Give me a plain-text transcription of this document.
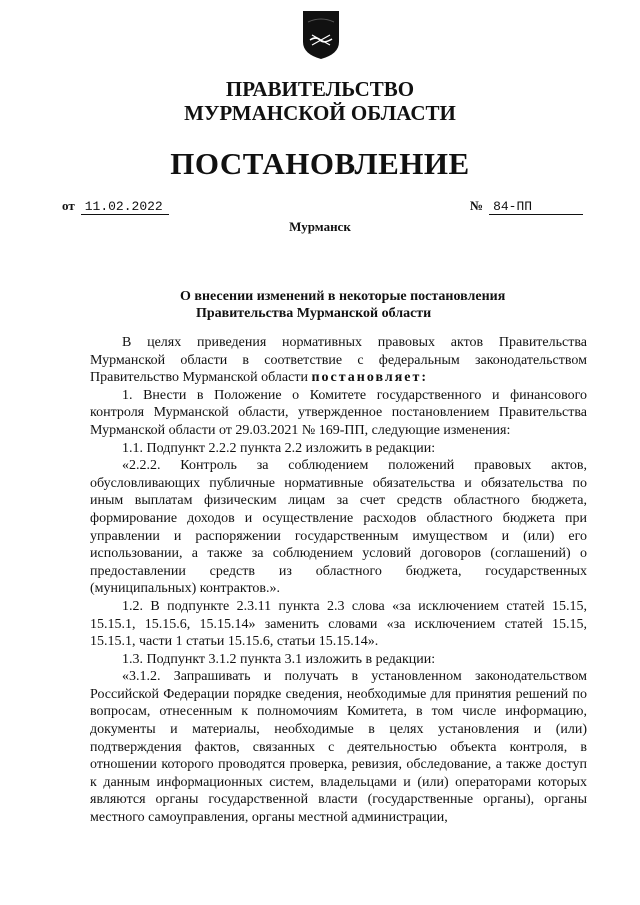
ПРАВИТЕЛЬСТВО
МУРМАНСКОЙ ОБЛАСТИ
ПОСТАНОВЛЕНИЕ
от 11.02.2022	№ 84-ПП
Мурманск
О внесении изменений в некоторые постановления
Правительства Мурманской области

В целях приведения нормативных правовых актов Правительства Мурманской области в соответствие с федеральным законодательством Правительство Мурманской области постановляет:

1. Внести в Положение о Комитете государственного и финансового контроля Мурманской области, утвержденное постановлением Правительства Мурманской области от 29.03.2021 № 169-ПП, следующие изменения:

1.1. Подпункт 2.2.2 пункта 2.2 изложить в редакции:

«2.2.2. Контроль за соблюдением положений правовых актов, обусловливающих публичные нормативные обязательства и обязательства по иным выплатам физическим лицам за счет средств областного бюджета, формирование доходов и осуществление расходов областного бюджета при управлении и распоряжении государственным имуществом и (или) его использовании, а также за соблюдением условий договоров (соглашений) о предоставлении средств из областного бюджета, государственных (муниципальных) контрактов.».

1.2. В подпункте 2.3.11 пункта 2.3 слова «за исключением статей 15.15, 15.15.1, 15.15.6, 15.15.14» заменить словами «за исключением статей 15.15, 15.15.1, части 1 статьи 15.15.6, статьи 15.15.14».

1.3. Подпункт 3.1.2 пункта 3.1 изложить в редакции:

«3.1.2. Запрашивать и получать в установленном законодательством Российской Федерации порядке сведения, необходимые для принятия решений по вопросам, отнесенным к полномочиям Комитета, в том числе информацию, документы и материалы, необходимые в целях установления и (или) подтверждения фактов, связанных с деятельностью объекта контроля, в отношении которого проводятся проверка, ревизия, обследование, а также доступ к данным информационных систем, владельцами и (или) операторами которых являются органы государственной власти (государственные органы), органы местного самоуправления, органы местной администрации,
